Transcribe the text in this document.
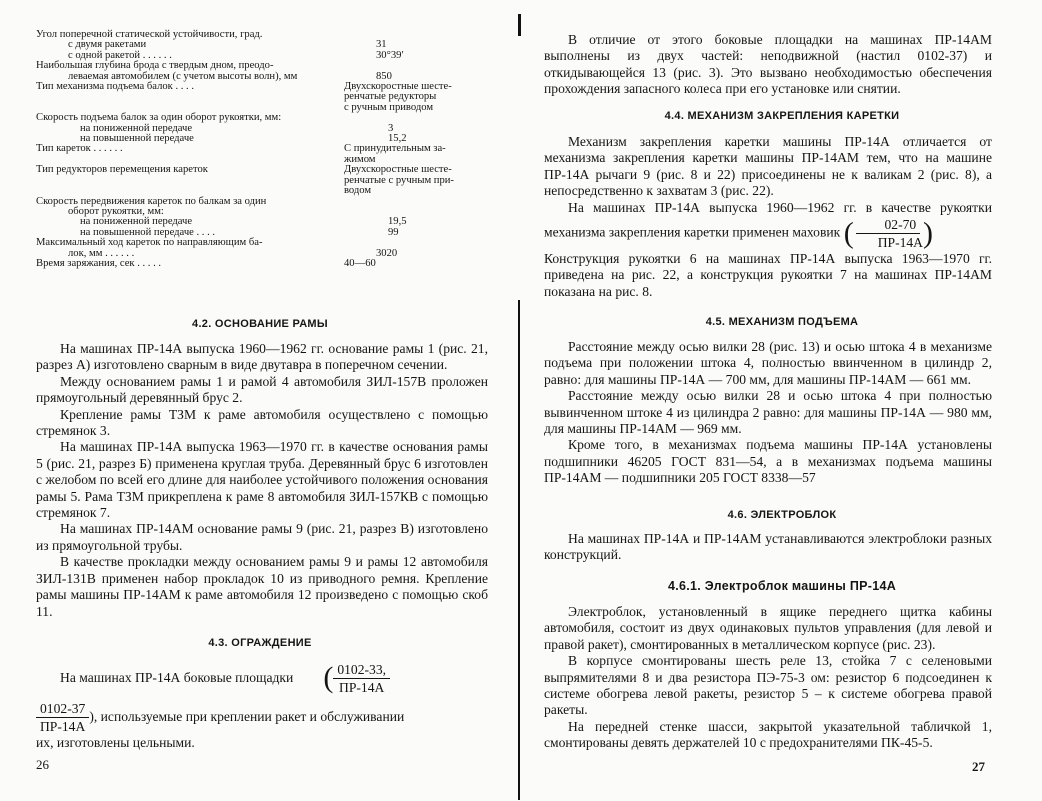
Угол поперечной статической устойчивости, град.
с двумя ракетами	31
с одной ракетой . . . . . .	30°39′
Наибольшая глубина брода с твердым дном, преодо-
леваемая автомобилем (с учетом высоты волн), мм	850
Тип механизма подъема балок . . . .	Двухскоростные шесте-
ренчатые редукторы
с ручным приводом
Скорость подъема балок за один оборот рукоятки, мм:
на пониженной передаче	3
на повышенной передаче	15,2
Тип кареток . . . . . .	С принудительным за-
жимом
Тип редукторов перемещения кареток	Двухскоростные шесте-
ренчатые с ручным при-
водом
Скорость передвижения кареток по балкам за один
оборот рукоятки, мм:
на пониженной передаче	19,5
на повышенной передаче . . . .	99
Максимальный ход кареток по направляющим ба-
лок, мм . . . . . .	3020
Время заряжания, сек . . . . .	40—60
4.2. ОСНОВАНИЕ РАМЫ

На машинах ПР-14А выпуска 1960—1962 гг. основание рамы 1 (рис. 21, разрез А) изготовлено сварным в виде двутавра в поперечном сечении.

Между основанием рамы 1 и рамой 4 автомобиля ЗИЛ-157В проложен прямоугольный деревянный брус 2.

Крепление рамы ТЗМ к раме автомобиля осуществлено с помощью стремянок 3.

На машинах ПР-14А выпуска 1963—1970 гг. в качестве основания рамы 5 (рис. 21, разрез Б) применена круглая труба. Деревянный брус 6 изготовлен с желобом по всей его длине для наиболее устойчивого положения основания рамы 5. Рама ТЗМ прикреплена к раме 8 автомобиля ЗИЛ-157КВ с помощью стремянок 7.

На машинах ПР-14АМ основание рамы 9 (рис. 21, разрез В) изготовлено из прямоугольной трубы.

В качестве прокладки между основанием рамы 9 и рамы 12 автомобиля ЗИЛ-131В применен набор прокладок 10 из приводного ремня. Крепление рамы машины ПР-14АМ к раме автомобиля 12 произведено с помощью скоб 11.

4.3. ОГРАЖДЕНИЕ
На машинах ПР-14А боковые площадки ( $\frac{0102-33,}{ПР-14А}$
$\frac{0102-37}{ПР-14А}$ ), используемые при креплении ракет и обслуживании
их, изготовлены цельными.
26

В отличие от этого боковые площадки на машинах ПР-14АМ выполнены из двух частей: неподвижной (настил 0102-37) и откидывающейся 13 (рис. 3). Это вызвано необходимостью обеспечения прохождения запасного колеса при его установке или снятии.

4.4. МЕХАНИЗМ ЗАКРЕПЛЕНИЯ КАРЕТКИ

Механизм закрепления каретки машины ПР-14А отличается от механизма закрепления каретки машины ПР-14АМ тем, что на машине ПР-14А рычаги 9 (рис. 8 и 22) присоединены не к валикам 2 (рис. 8), а непосредственно к захватам 3 (рис. 22).

На машинах ПР-14А выпуска 1960—1962 гг. в качестве рукоятки механизма закрепления каретки применен маховик ( $\frac{02-70}{ПР-14А}$ )

Конструкция рукоятки 6 на машинах ПР-14А выпуска 1963—1970 гг. приведена на рис. 22, а конструкция рукоятки 7 на машинах ПР-14АМ показана на рис. 8.

4.5. МЕХАНИЗМ ПОДЪЕМА

Расстояние между осью вилки 28 (рис. 13) и осью штока 4 в механизме подъема при положении штока 4, полностью ввинченном в цилиндр 2, равно: для машины ПР-14А — 700 мм, для машины ПР-14АМ — 661 мм.

Расстояние между осью вилки 28 и осью штока 4 при полностью вывинченном штоке 4 из цилиндра 2 равно: для машины ПР-14А — 980 мм, для машины ПР-14АМ — 969 мм.

Кроме того, в механизмах подъема машины ПР-14А установлены подшипники 46205 ГОСТ 831—54, а в механизмах подъема машины ПР-14АМ — подшипники 205 ГОСТ 8338—57

4.6. ЭЛЕКТРОБЛОК

На машинах ПР-14А и ПР-14АМ устанавливаются электроблоки разных конструкций.

4.6.1. Электроблок машины ПР-14А

Электроблок, установленный в ящике переднего щитка кабины автомобиля, состоит из двух одинаковых пультов управления (для левой и правой ракет), смонтированных в металлическом корпусе (рис. 23).

В корпусе смонтированы шесть реле 13, стойка 7 с селеновыми выпрямителями 8 и два резистора ПЭ-75-3 ом: резистор 6 подсоединен к системе обогрева левой ракеты, резистор 5 – к системе обогрева правой ракеты.

На передней стенке шасси, закрытой указательной табличкой 1, смонтированы девять держателей 10 с предохранителями ПК-45-5.

27
